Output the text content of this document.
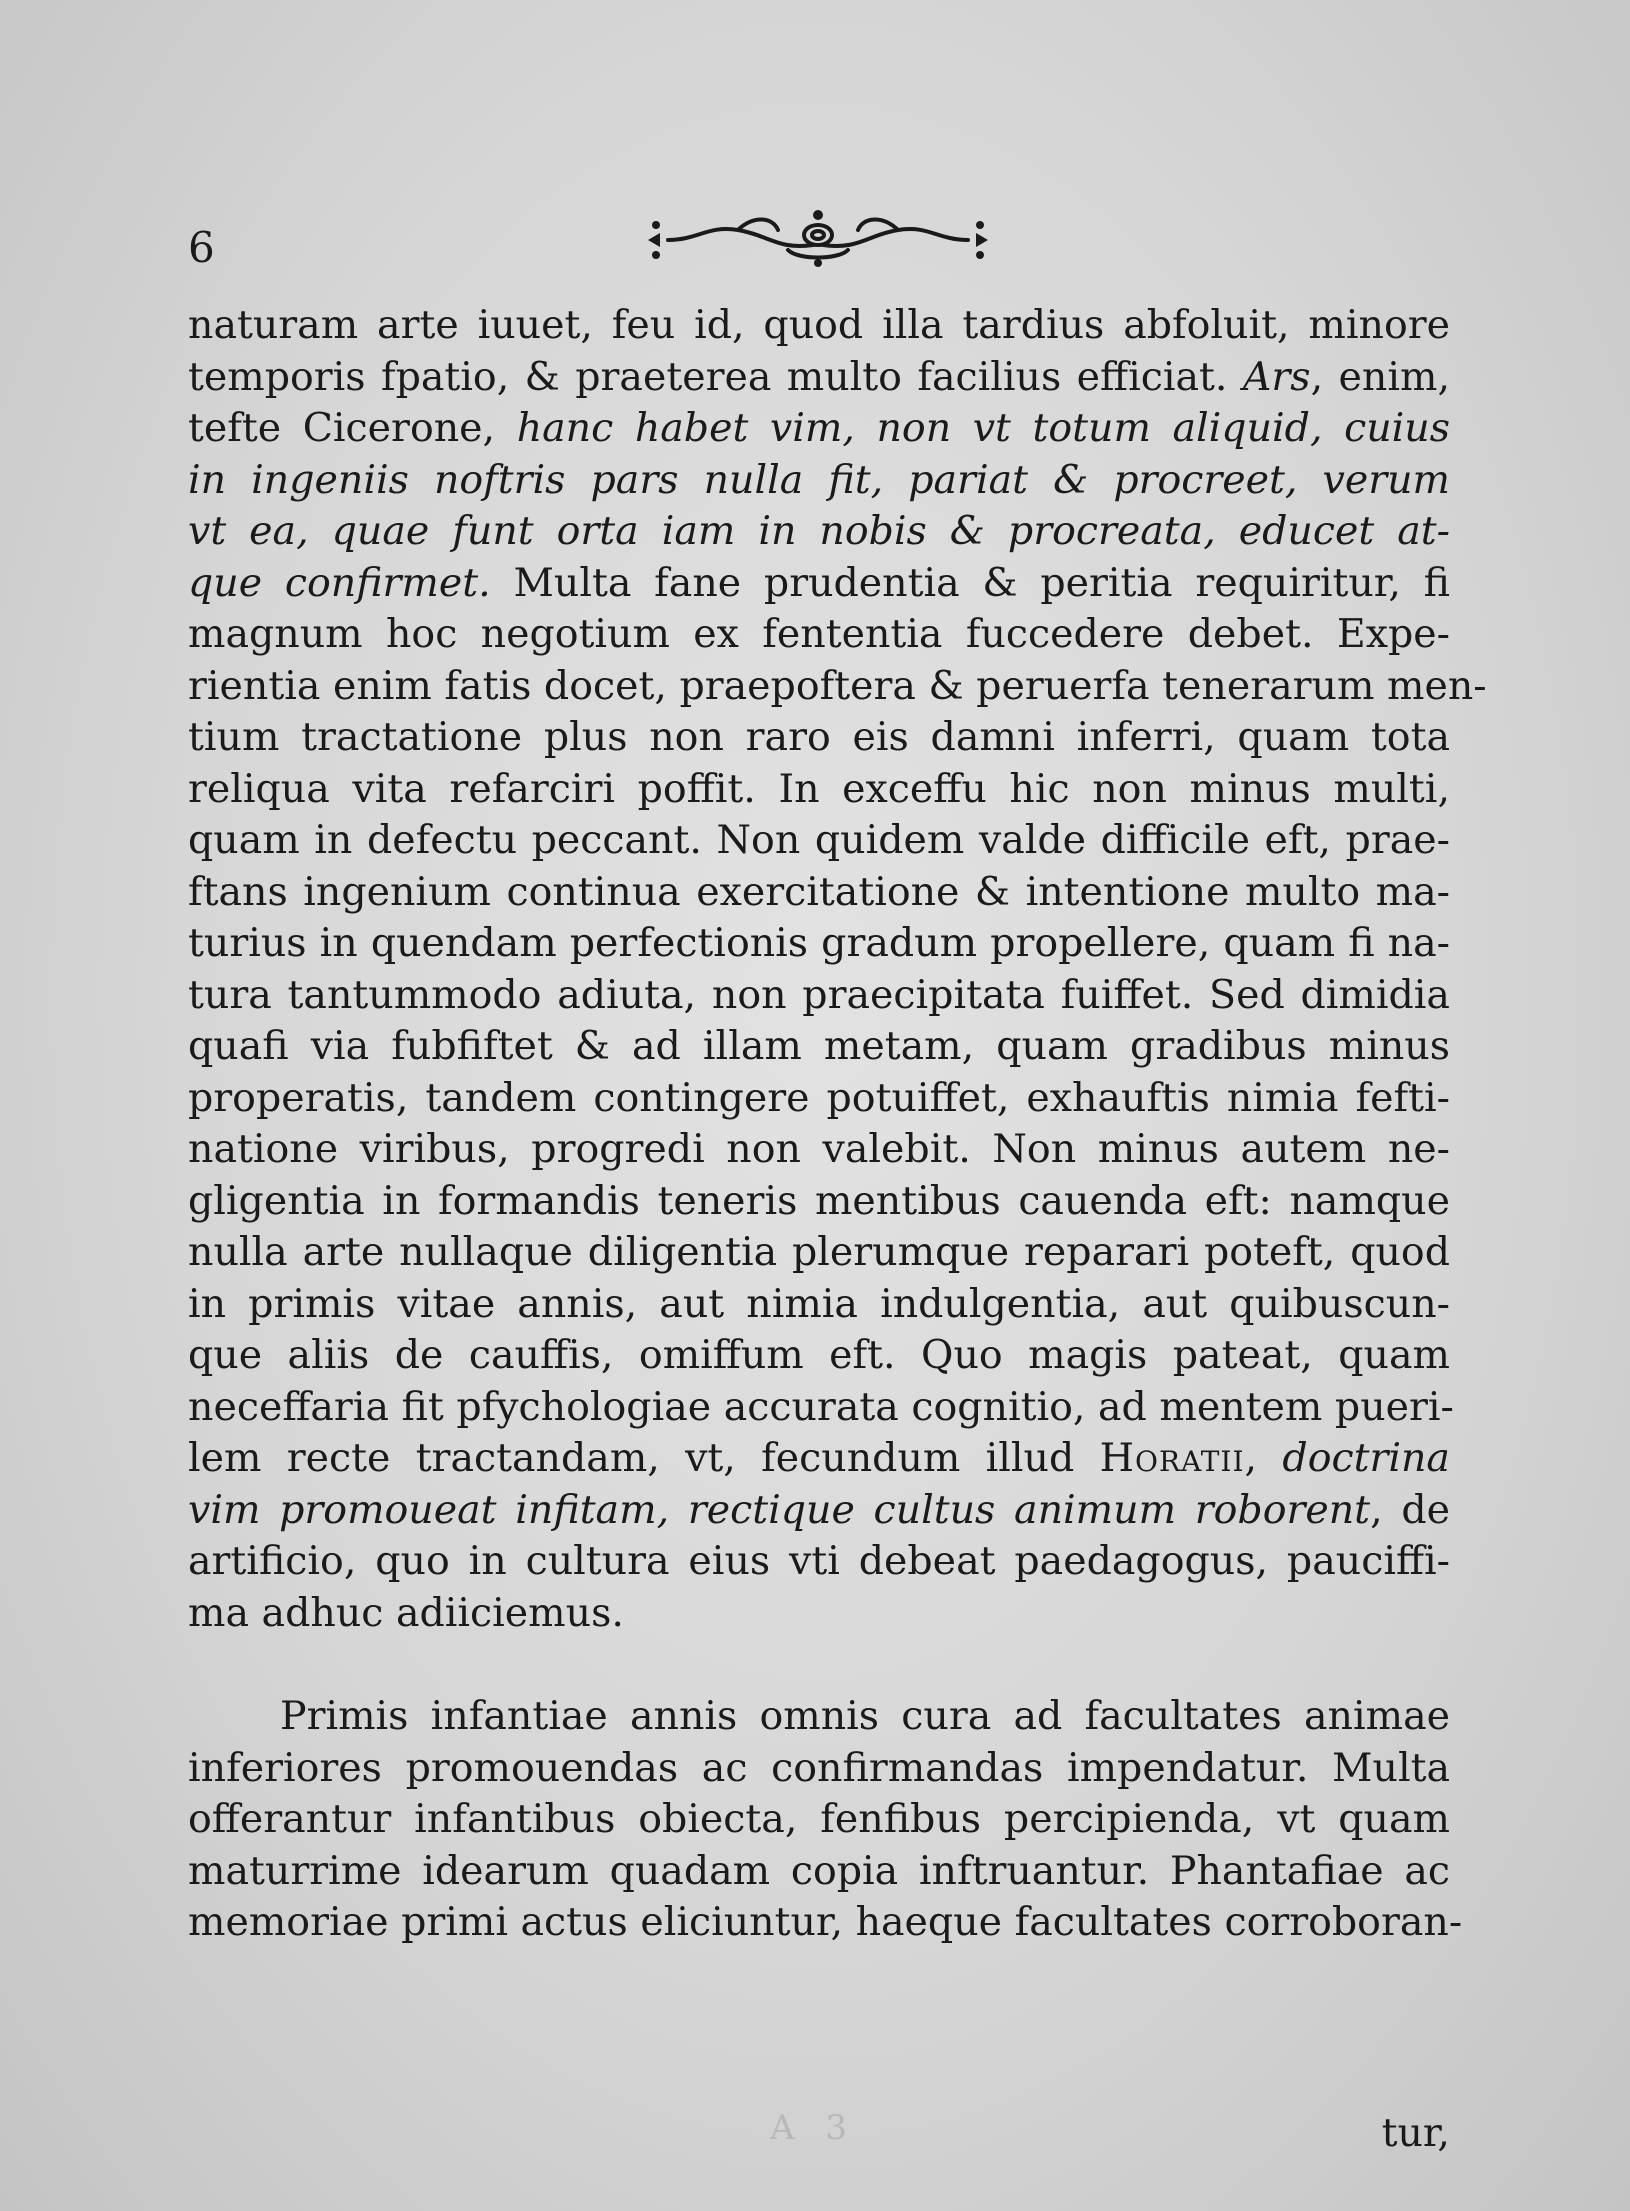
6
naturam arte iuuet, feu id, quod illa tardius abfoluit, minore
temporis fpatio, & praeterea multo facilius efficiat. Ars, enim,
tefte Cicerone, hanc habet vim, non vt totum aliquid, cuius
in ingeniis noftris pars nulla fit, pariat & procreet, verum
vt ea, quae funt orta iam in nobis & procreata, educet at-
que confirmet. Multa fane prudentia & peritia requiritur, fi
magnum hoc negotium ex fententia fuccedere debet. Expe-
rientia enim fatis docet, praepoftera & peruerfa tenerarum men-
tium tractatione plus non raro eis damni inferri, quam tota
reliqua vita refarciri poffit. In exceffu hic non minus multi,
quam in defectu peccant. Non quidem valde difficile eft, prae-
ftans ingenium continua exercitatione & intentione multo ma-
turius in quendam perfectionis gradum propellere, quam fi na-
tura tantummodo adiuta, non praecipitata fuiffet. Sed dimidia
quafi via fubfiftet & ad illam metam, quam gradibus minus
properatis, tandem contingere potuiffet, exhauftis nimia fefti-
natione viribus, progredi non valebit. Non minus autem ne-
gligentia in formandis teneris mentibus cauenda eft: namque
nulla arte nullaque diligentia plerumque reparari poteft, quod
in primis vitae annis, aut nimia indulgentia, aut quibuscun-
que aliis de cauffis, omiffum eft. Quo magis pateat, quam
neceffaria fit pfychologiae accurata cognitio, ad mentem pueri-
lem recte tractandam, vt, fecundum illud Horatii, doctrina
vim promoueat infitam, rectique cultus animum roborent, de
artificio, quo in cultura eius vti debeat paedagogus, pauciffi-
ma adhuc adiiciemus.
Primis infantiae annis omnis cura ad facultates animae
inferiores promouendas ac confirmandas impendatur. Multa
offerantur infantibus obiecta, fenfibus percipienda, vt quam
maturrime idearum quadam copia inftruantur. Phantafiae ac
memoriae primi actus eliciuntur, haeque facultates corroboran-
A 3	tur,
